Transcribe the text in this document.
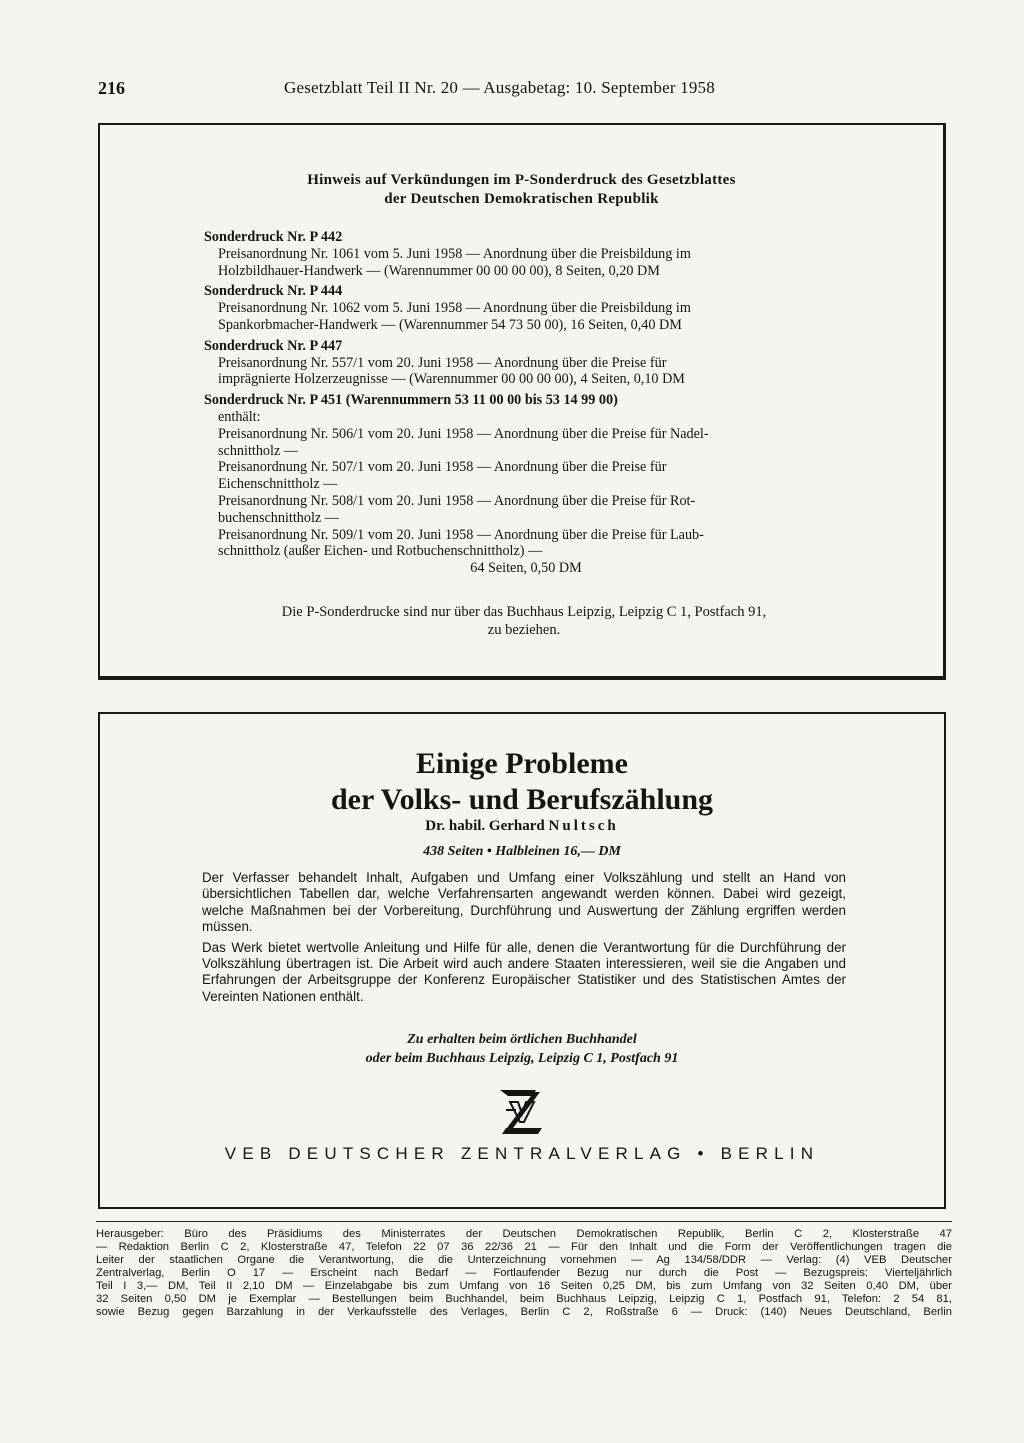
216	Gesetzblatt Teil II Nr. 20 — Ausgabetag: 10. September 1958
Hinweis auf Verkündungen im P-Sonderdruck des Gesetzblattes
der Deutschen Demokratischen Republik
Sonderdruck Nr. P 442
Preisanordnung Nr. 1061 vom 5. Juni 1958 — Anordnung über die Preisbildung im
Holzbildhauer-Handwerk — (Warennummer 00 00 00 00), 8 Seiten, 0,20 DM
Sonderdruck Nr. P 444
Preisanordnung Nr. 1062 vom 5. Juni 1958 — Anordnung über die Preisbildung im
Spankorbmacher-Handwerk — (Warennummer 54 73 50 00), 16 Seiten, 0,40 DM
Sonderdruck Nr. P 447
Preisanordnung Nr. 557/1 vom 20. Juni 1958 — Anordnung über die Preise für
imprägnierte Holzerzeugnisse — (Warennummer 00 00 00 00), 4 Seiten, 0,10 DM
Sonderdruck Nr. P 451 (Warennummern 53 11 00 00 bis 53 14 99 00)
enthält:
Preisanordnung Nr. 506/1 vom 20. Juni 1958 — Anordnung über die Preise für Nadel-
schnittholz —
Preisanordnung Nr. 507/1 vom 20. Juni 1958 — Anordnung über die Preise für
Eichenschnittholz —
Preisanordnung Nr. 508/1 vom 20. Juni 1958 — Anordnung über die Preise für Rot-
buchenschnittholz —
Preisanordnung Nr. 509/1 vom 20. Juni 1958 — Anordnung über die Preise für Laub-
schnittholz (außer Eichen- und Rotbuchenschnittholz) —
64 Seiten, 0,50 DM
Die P-Sonderdrucke sind nur über das Buchhaus Leipzig, Leipzig C 1, Postfach 91,
zu beziehen.
Einige Probleme
der Volks- und Berufszählung
Dr. habil. Gerhard Nultsch
438 Seiten • Halbleinen 16,— DM

Der Verfasser behandelt Inhalt, Aufgaben und Umfang einer Volkszählung und stellt an Hand von übersichtlichen Tabellen dar, welche Verfahrensarten angewandt werden können. Dabei wird gezeigt, welche Maßnahmen bei der Vorbereitung, Durchführung und Auswertung der Zählung ergriffen werden müssen.

Das Werk bietet wertvolle Anleitung und Hilfe für alle, denen die Verantwortung für die Durchführung der Volkszählung übertragen ist. Die Arbeit wird auch andere Staaten interessieren, weil sie die Angaben und Erfahrungen der Arbeitsgruppe der Konferenz Europäischer Statistiker und des Statistischen Amtes der Vereinten Nationen enthält.

Zu erhalten beim örtlichen Buchhandel
oder beim Buchhaus Leipzig, Leipzig C 1, Postfach 91
VEB DEUTSCHER ZENTRALVERLAG • BERLIN
Herausgeber: Büro des Präsidiums des Ministerrates der Deutschen Demokratischen Republik, Berlin C 2, Klosterstraße 47
— Redaktion Berlin C 2, Klosterstraße 47, Telefon 22 07 36 22/36 21 — Für den Inhalt und die Form der Veröffentlichungen tragen die
Leiter der staatlichen Organe die Verantwortung, die die Unterzeichnung vornehmen — Ag 134/58/DDR — Verlag: (4) VEB Deutscher
Zentralverlag, Berlin O 17 — Erscheint nach Bedarf — Fortlaufender Bezug nur durch die Post — Bezugspreis: Vierteljährlich
Teil I 3,— DM, Teil II 2,10 DM — Einzelabgabe bis zum Umfang von 16 Seiten 0,25 DM, bis zum Umfang von 32 Seiten 0,40 DM, über
32 Seiten 0,50 DM je Exemplar — Bestellungen beim Buchhandel, beim Buchhaus Leipzig, Leipzig C 1, Postfach 91, Telefon: 2 54 81,
sowie Bezug gegen Barzahlung in der Verkaufsstelle des Verlages, Berlin C 2, Roßstraße 6 — Druck: (140) Neues Deutschland, Berlin
